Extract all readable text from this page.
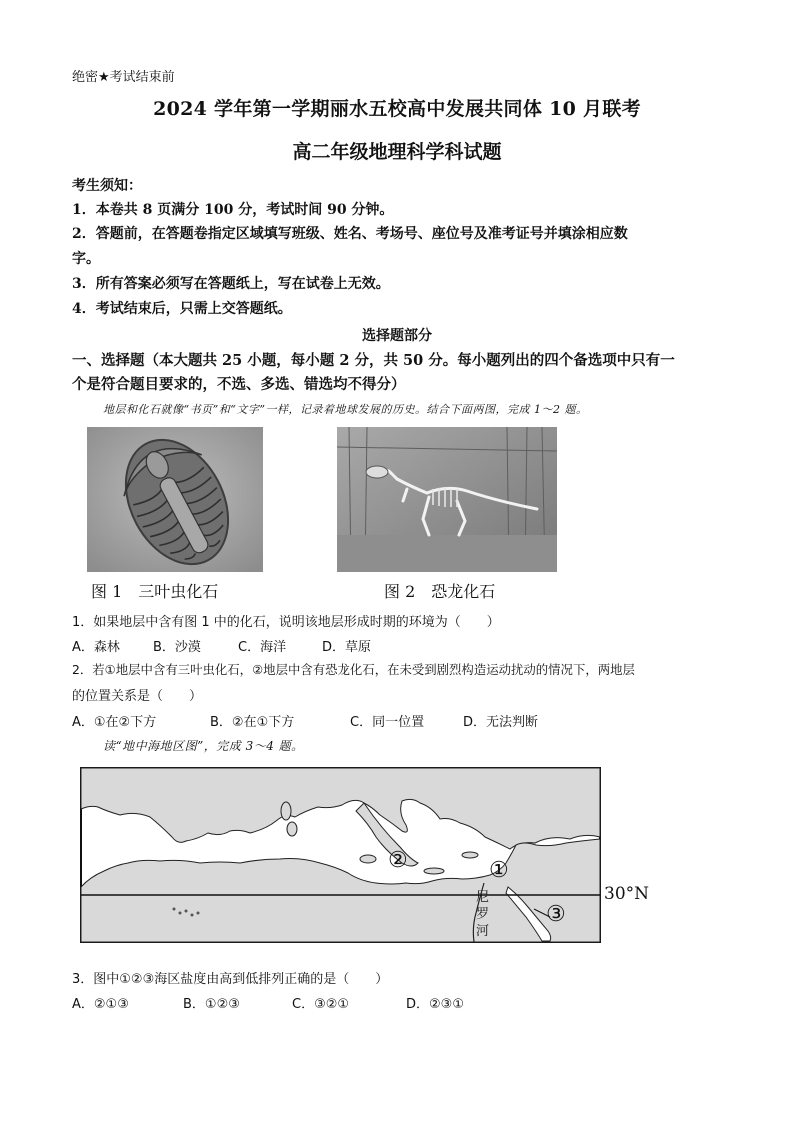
绝密★考试结束前
2024 学年第一学期丽水五校高中发展共同体 10 月联考
高二年级地理科学科试题
考生须知：
1．本卷共 8 页满分 100 分，考试时间 90 分钟。
2．答题前，在答题卷指定区域填写班级、姓名、考场号、座位号及准考证号并填涂相应数
字。
3．所有答案必须写在答题纸上，写在试卷上无效。
4．考试结束后，只需上交答题纸。
选择题部分
一、选择题（本大题共 25 小题，每小题 2 分，共 50 分。每小题列出的四个备选项中只有一
个是符合题目要求的，不选、多选、错选均不得分）
地层和化石就像“书页”和“文字”一样，记录着地球发展的历史。结合下面两图，完成 1～2 题。
图 1　三叶虫化石	图 2　恐龙化石
1．如果地层中含有图 1 中的化石，说明该地层形成时期的环境为（　　）
A．森林	B．沙漠	C．海洋	D．草原
2．若①地层中含有三叶虫化石，②地层中含有恐龙化石，在未受到剧烈构造运动扰动的情况下，两地层
的位置关系是（　　）
A．①在②下方	B．②在①下方	C．同一位置	D．无法判断
读“地中海地区图”，完成 3～4 题。
②	①
③
30°N
尼
罗
河
3．图中①②③海区盐度由高到低排列正确的是（　　）
A．②①③	B．①②③	C．③②①	D．②③①
